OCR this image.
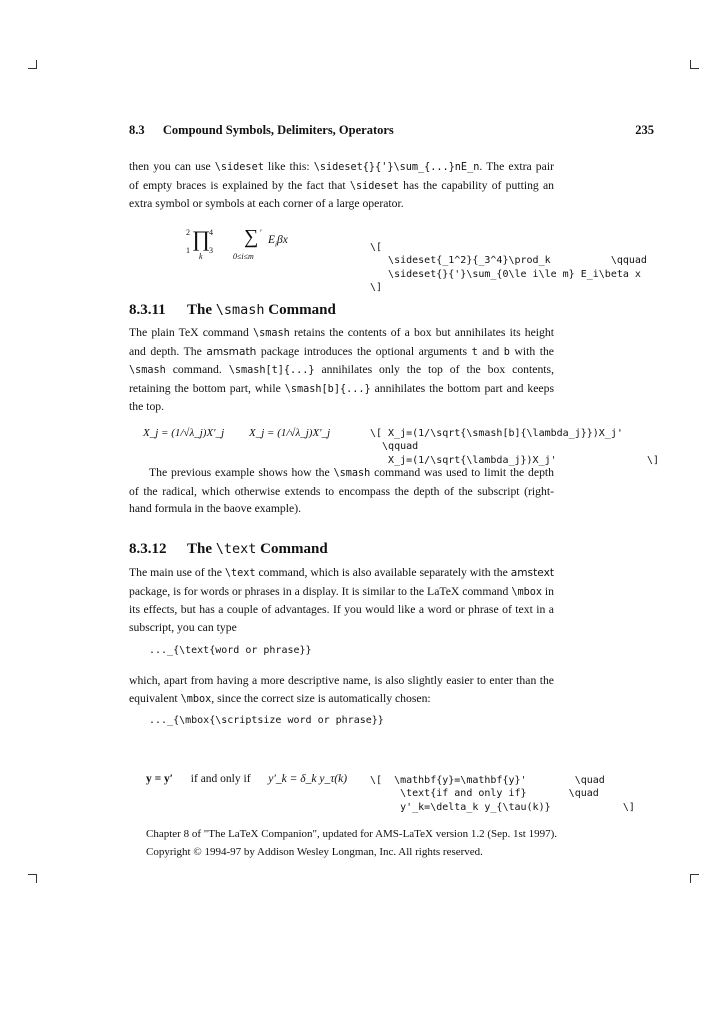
8.3 Compound Symbols, Delimiters, Operators	235
then you can use \sideset like this: \sideset{}{'}\sum_{...}nE_n. The extra pair of empty braces is explained by the fact that \sideset has the capability of putting an extra symbol or symbols at each corner of a large operator.
2
1 ∏
4
3
k
∑ ′
0≤i≤m
$E_i\beta x$

\[
\sideset{_1^2}{_3^4}\prod_k          \qquad
\sideset{}{'}\sum_{0\le i\le m} E_i\beta x
\]

8.3.11 The \smash Command
The plain TeX command \smash retains the contents of a box but annihilates its height and depth. The amsmath package introduces the optional arguments t and b with the \smash command. \smash[t]{...} annihilates only the top of the box contents, retaining the bottom part, while \smash[b]{...} annihilates the bottom part and keeps the top.
X_j = (1/√λ_j)X′_j X_j = (1/√λ_j)X′_j	\[ X_j=(1/\sqrt{\smash[b]{\lambda_j}})X_j'
\qquad
X_j=(1/\sqrt{\lambda_j})X_j'               \]

The previous example shows how the \smash command was used to limit the depth of the radical, which otherwise extends to encompass the depth of the subscript (right-hand formula in the baove example).
8.3.12 The \text Command
The main use of the \text command, which is also available separately with the amstext package, is for words or phrases in a display. It is similar to the LaTeX command \mbox in its effects, but has a couple of advantages. If you would like a word or phrase of text in a subscript, you can type
..._{\text{word or phrase}}
which, apart from having a more descriptive name, is also slightly easier to enter than the equivalent \mbox, since the correct size is automatically chosen:
..._{\mbox{\scriptsize word or phrase}}
y = y′ if and only if y′_k = δ_k y_τ(k) \[  \mathbf{y}=\mathbf{y}'        \quad
\text{if and only if}       \quad
y'_k=\delta_k y_{\tau(k)}            \]

Chapter 8 of "The LaTeX Companion", updated for AMS-LaTeX version 1.2 (Sep. 1st 1997).
Copyright © 1994-97 by Addison Wesley Longman, Inc. All rights reserved.
